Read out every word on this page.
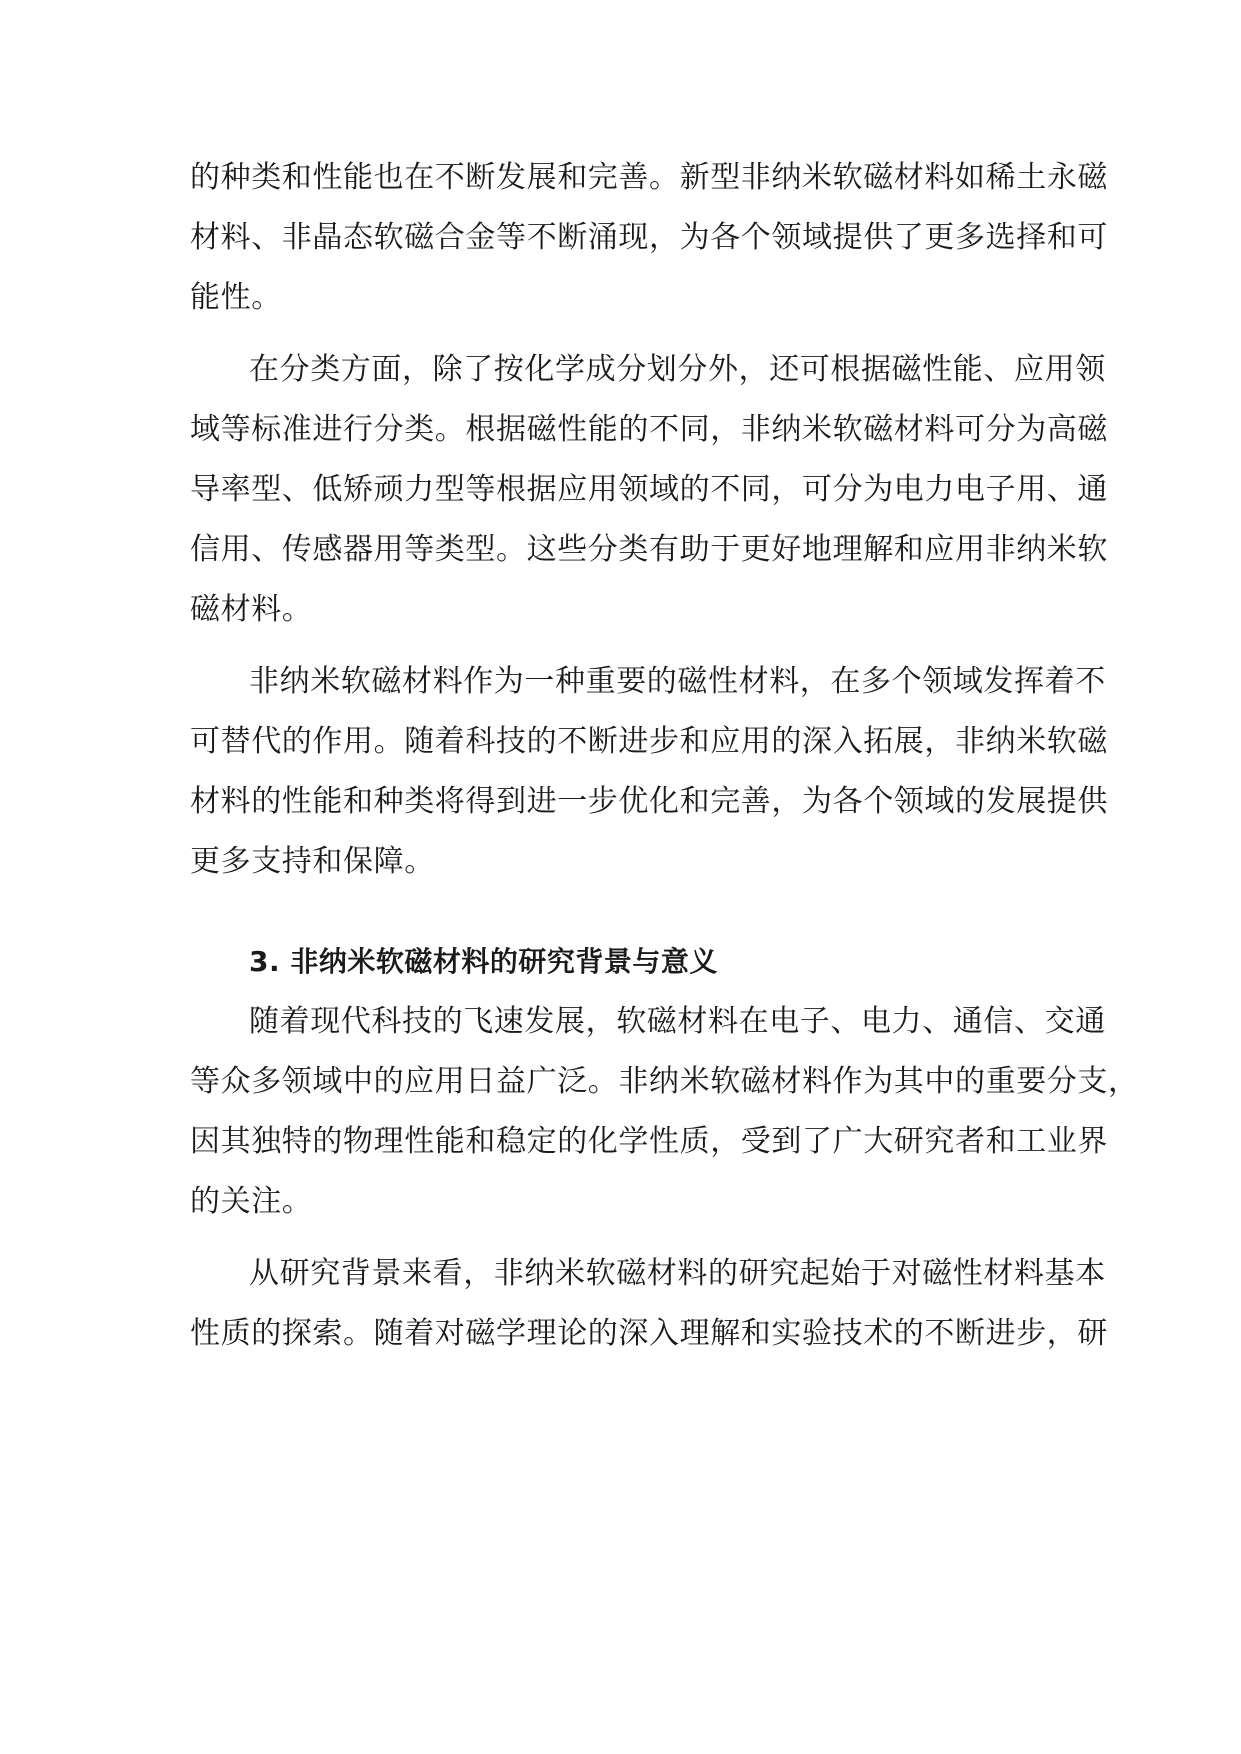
的种类和性能也在不断发展和完善。新型非纳米软磁材料如稀土永磁
材料、非晶态软磁合金等不断涌现，为各个领域提供了更多选择和可
能性。
在分类方面，除了按化学成分划分外，还可根据磁性能、应用领
域等标准进行分类。根据磁性能的不同，非纳米软磁材料可分为高磁
导率型、低矫顽力型等根据应用领域的不同，可分为电力电子用、通
信用、传感器用等类型。这些分类有助于更好地理解和应用非纳米软
磁材料。
非纳米软磁材料作为一种重要的磁性材料，在多个领域发挥着不
可替代的作用。随着科技的不断进步和应用的深入拓展，非纳米软磁
材料的性能和种类将得到进一步优化和完善，为各个领域的发展提供
更多支持和保障。
3. 非纳米软磁材料的研究背景与意义
随着现代科技的飞速发展，软磁材料在电子、电力、通信、交通
等众多领域中的应用日益广泛。非纳米软磁材料作为其中的重要分支，
因其独特的物理性能和稳定的化学性质，受到了广大研究者和工业界
的关注。
从研究背景来看，非纳米软磁材料的研究起始于对磁性材料基本
性质的探索。随着对磁学理论的深入理解和实验技术的不断进步，研
